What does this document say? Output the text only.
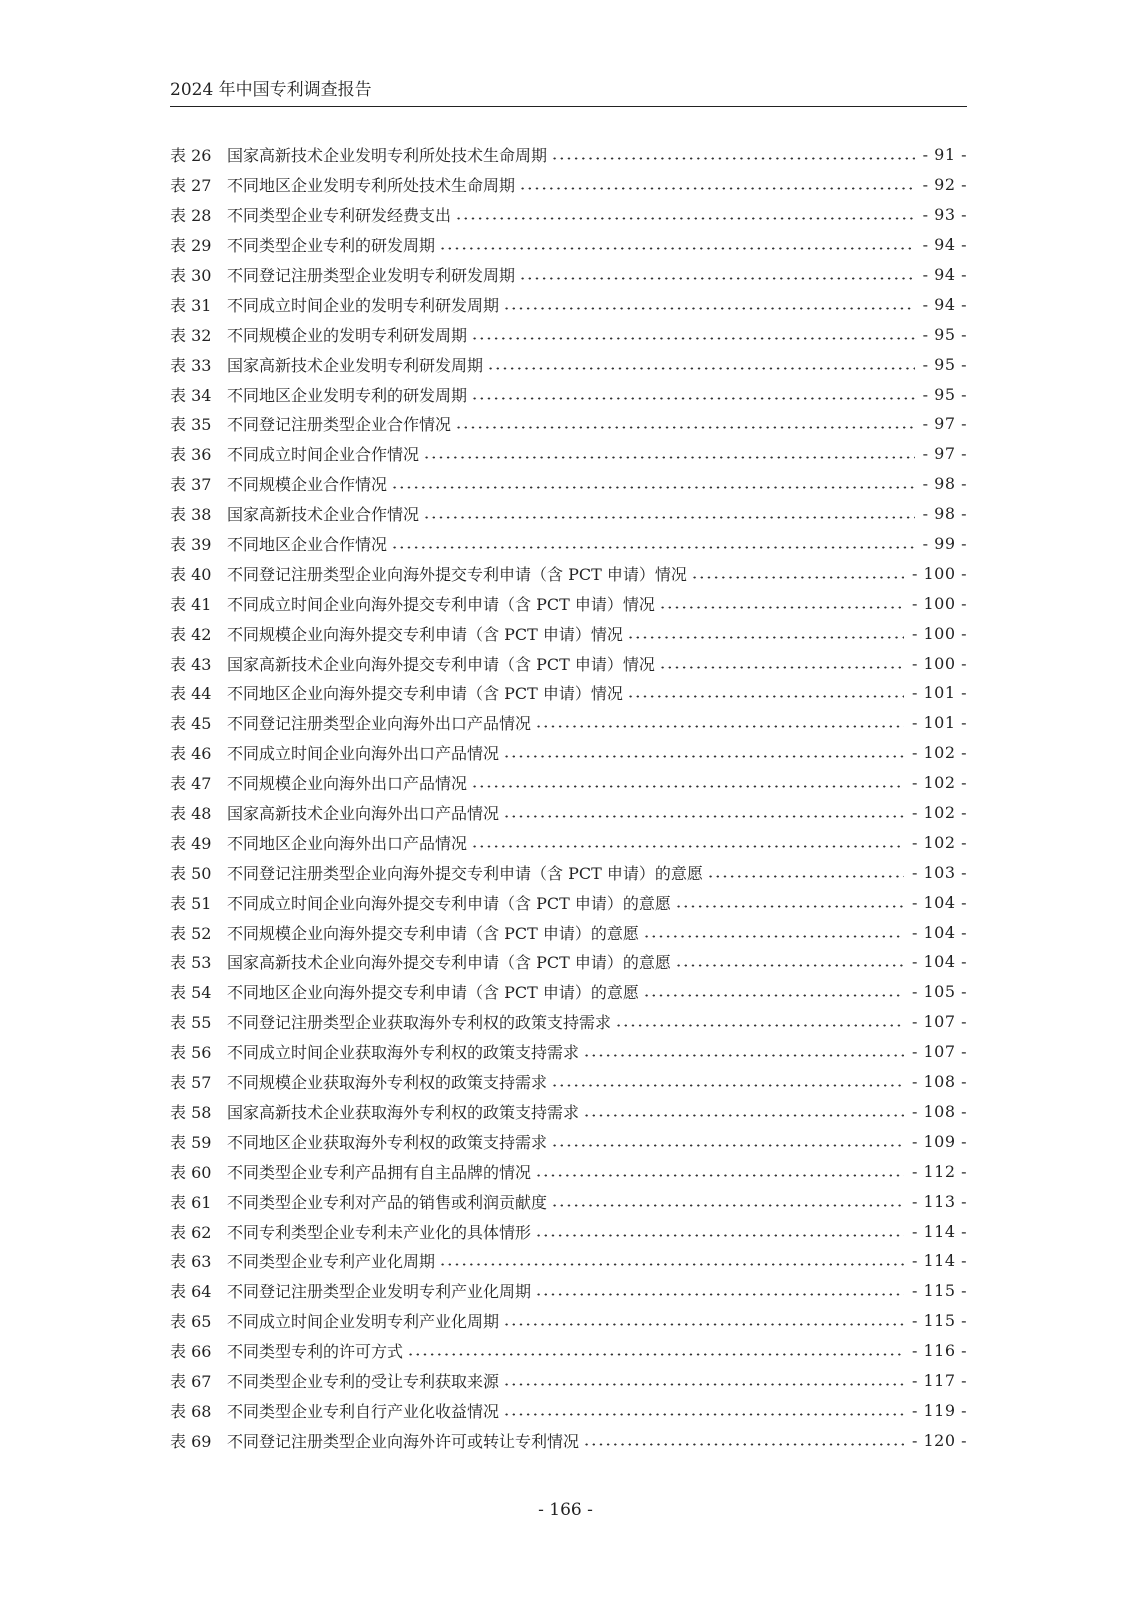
2024 年中国专利调查报告
表 26 国家高新技术企业发明专利所处技术生命周期	- 91 -
表 27 不同地区企业发明专利所处技术生命周期	- 92 -
表 28 不同类型企业专利研发经费支出	- 93 -
表 29 不同类型企业专利的研发周期	- 94 -
表 30 不同登记注册类型企业发明专利研发周期	- 94 -
表 31 不同成立时间企业的发明专利研发周期	- 94 -
表 32 不同规模企业的发明专利研发周期	- 95 -
表 33 国家高新技术企业发明专利研发周期	- 95 -
表 34 不同地区企业发明专利的研发周期	- 95 -
表 35 不同登记注册类型企业合作情况	- 97 -
表 36 不同成立时间企业合作情况	- 97 -
表 37 不同规模企业合作情况	- 98 -
表 38 国家高新技术企业合作情况	- 98 -
表 39 不同地区企业合作情况	- 99 -
表 40 不同登记注册类型企业向海外提交专利申请（含 PCT 申请）情况	- 100 -
表 41 不同成立时间企业向海外提交专利申请（含 PCT 申请）情况	- 100 -
表 42 不同规模企业向海外提交专利申请（含 PCT 申请）情况	- 100 -
表 43 国家高新技术企业向海外提交专利申请（含 PCT 申请）情况	- 100 -
表 44 不同地区企业向海外提交专利申请（含 PCT 申请）情况	- 101 -
表 45 不同登记注册类型企业向海外出口产品情况	- 101 -
表 46 不同成立时间企业向海外出口产品情况	- 102 -
表 47 不同规模企业向海外出口产品情况	- 102 -
表 48 国家高新技术企业向海外出口产品情况	- 102 -
表 49 不同地区企业向海外出口产品情况	- 102 -
表 50 不同登记注册类型企业向海外提交专利申请（含 PCT 申请）的意愿	- 103 -
表 51 不同成立时间企业向海外提交专利申请（含 PCT 申请）的意愿	- 104 -
表 52 不同规模企业向海外提交专利申请（含 PCT 申请）的意愿	- 104 -
表 53 国家高新技术企业向海外提交专利申请（含 PCT 申请）的意愿	- 104 -
表 54 不同地区企业向海外提交专利申请（含 PCT 申请）的意愿	- 105 -
表 55 不同登记注册类型企业获取海外专利权的政策支持需求	- 107 -
表 56 不同成立时间企业获取海外专利权的政策支持需求	- 107 -
表 57 不同规模企业获取海外专利权的政策支持需求	- 108 -
表 58 国家高新技术企业获取海外专利权的政策支持需求	- 108 -
表 59 不同地区企业获取海外专利权的政策支持需求	- 109 -
表 60 不同类型企业专利产品拥有自主品牌的情况	- 112 -
表 61 不同类型企业专利对产品的销售或利润贡献度	- 113 -
表 62 不同专利类型企业专利未产业化的具体情形	- 114 -
表 63 不同类型企业专利产业化周期	- 114 -
表 64 不同登记注册类型企业发明专利产业化周期	- 115 -
表 65 不同成立时间企业发明专利产业化周期	- 115 -
表 66 不同类型专利的许可方式	- 116 -
表 67 不同类型企业专利的受让专利获取来源	- 117 -
表 68 不同类型企业专利自行产业化收益情况	- 119 -
表 69 不同登记注册类型企业向海外许可或转让专利情况	- 120 -
- 166 -
